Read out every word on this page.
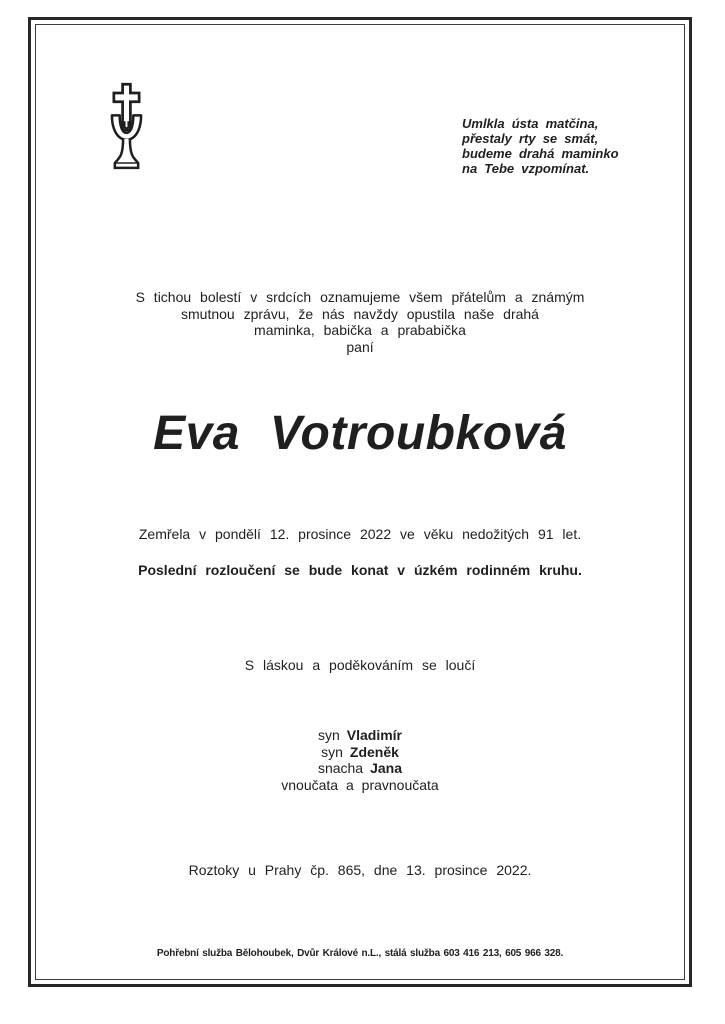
Umlkla ústa matčina,
přestaly rty se smát,
budeme drahá maminko
na Tebe vzpomínat.
S tichou bolestí v srdcích oznamujeme všem přátelům a známým
smutnou zprávu, že nás navždy opustila naše drahá
maminka, babička a prababička
paní
Eva Votroubková
Zemřela v pondělí 12. prosince 2022 ve věku nedožitých 91 let.
Poslední rozloučení se bude konat v úzkém rodinném kruhu.
S láskou a poděkováním se loučí
syn Vladimír
syn Zdeněk
snacha Jana
vnoučata a pravnoučata
Roztoky u Prahy čp. 865, dne 13. prosince 2022.
Pohřební služba Bělohoubek, Dvůr Králové n.L., stálá služba 603 416 213, 605 966 328.
